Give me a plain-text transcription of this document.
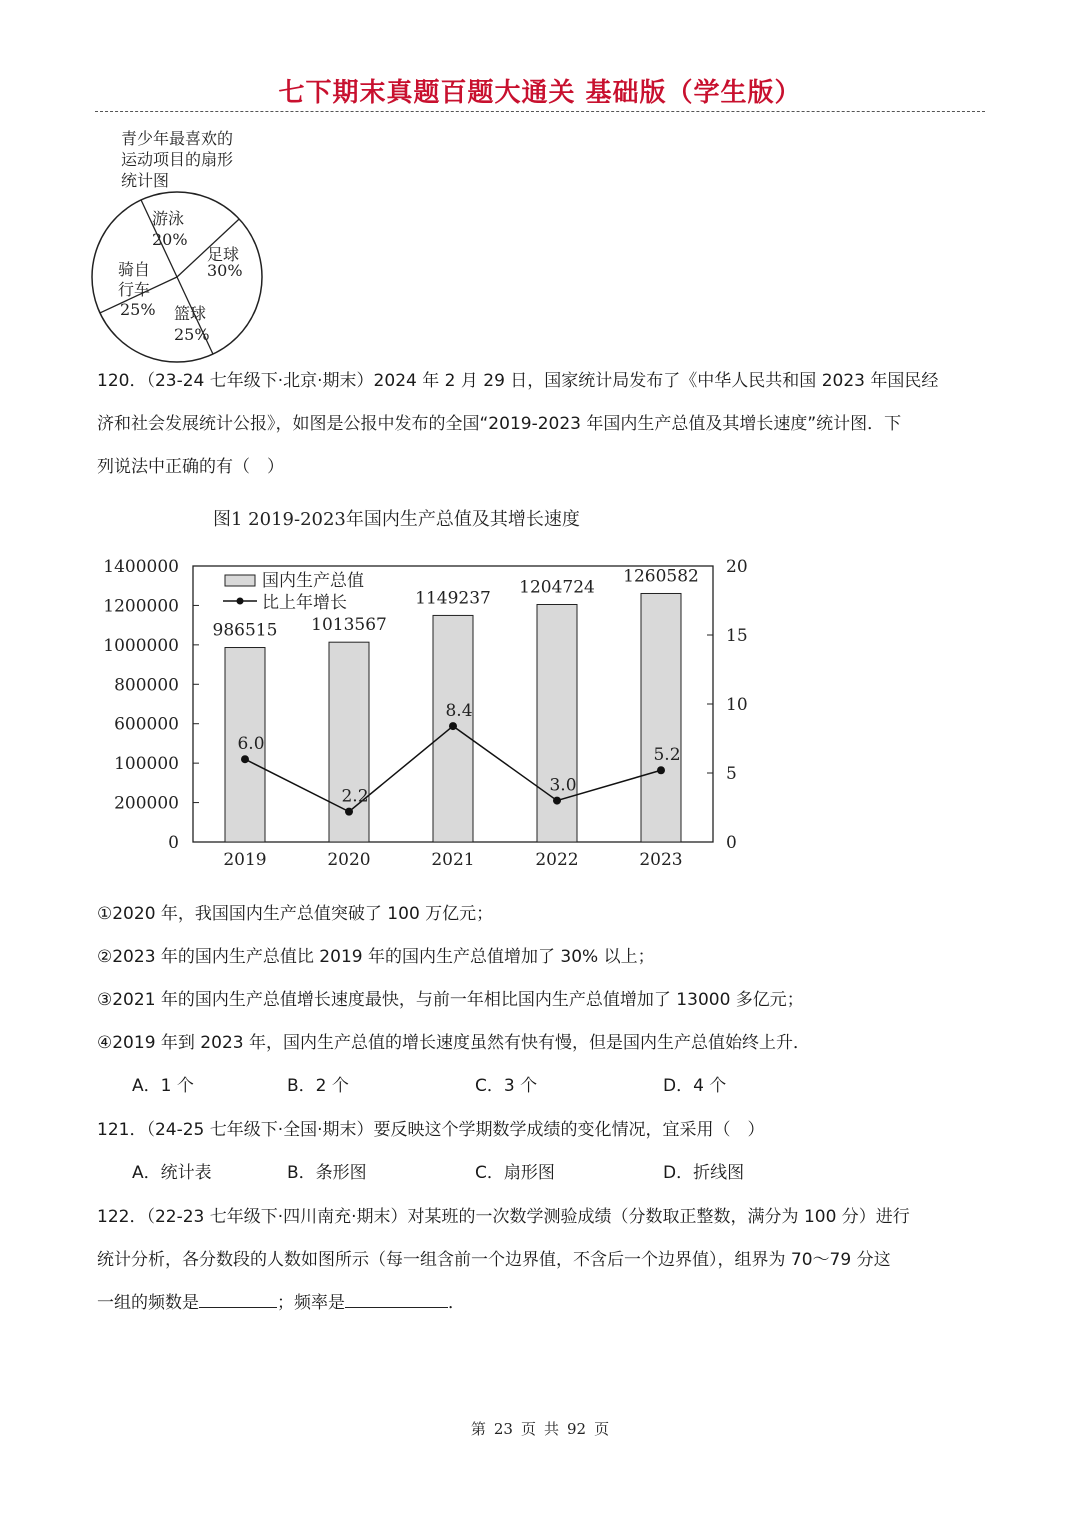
七下期末真题百题大通关 基础版（学生版）
青少年最喜欢的
运动项目的扇形
统计图
游泳
20%
足球
30%
篮球
25%
骑自
行车
25%
120．（23-24 七年级下·北京·期末）2024 年 2 月 29 日，国家统计局发布了《中华人民共和国 2023 年国民经
济和社会发展统计公报》，如图是公报中发布的全国“2019-2023 年国内生产总值及其增长速度”统计图．下
列说法中正确的有（　）
图1 2019-2023年国内生产总值及其增长速度
0
200000
100000
600000
800000
1000000
1200000
1400000
0
5
10
15
20
2019	2020	2021	2022	2023
986515 1013567
1149237
1204724
1260582
6.0
2.2
8.4
3.0
5.2
国内生产总值
比上年增长
①2020 年，我国国内生产总值突破了 100 万亿元；
②2023 年的国内生产总值比 2019 年的国内生产总值增加了 30% 以上；
③2021 年的国内生产总值增长速度最快，与前一年相比国内生产总值增加了 13000 多亿元；
④2019 年到 2023 年，国内生产总值的增长速度虽然有快有慢，但是国内生产总值始终上升．
A．1 个	B．2 个	C．3 个	D．4 个
121．（24-25 七年级下·全国·期末）要反映这个学期数学成绩的变化情况，宜采用（　）
A．统计表	B．条形图	C．扇形图	D．折线图
122．（22-23 七年级下·四川南充·期末）对某班的一次数学测验成绩（分数取正整数，满分为 100 分）进行
统计分析，各分数段的人数如图所示（每一组含前一个边界值，不含后一个边界值），组界为 70～79 分这
一组的频数是	；频率是	．
第 23 页 共 92 页
